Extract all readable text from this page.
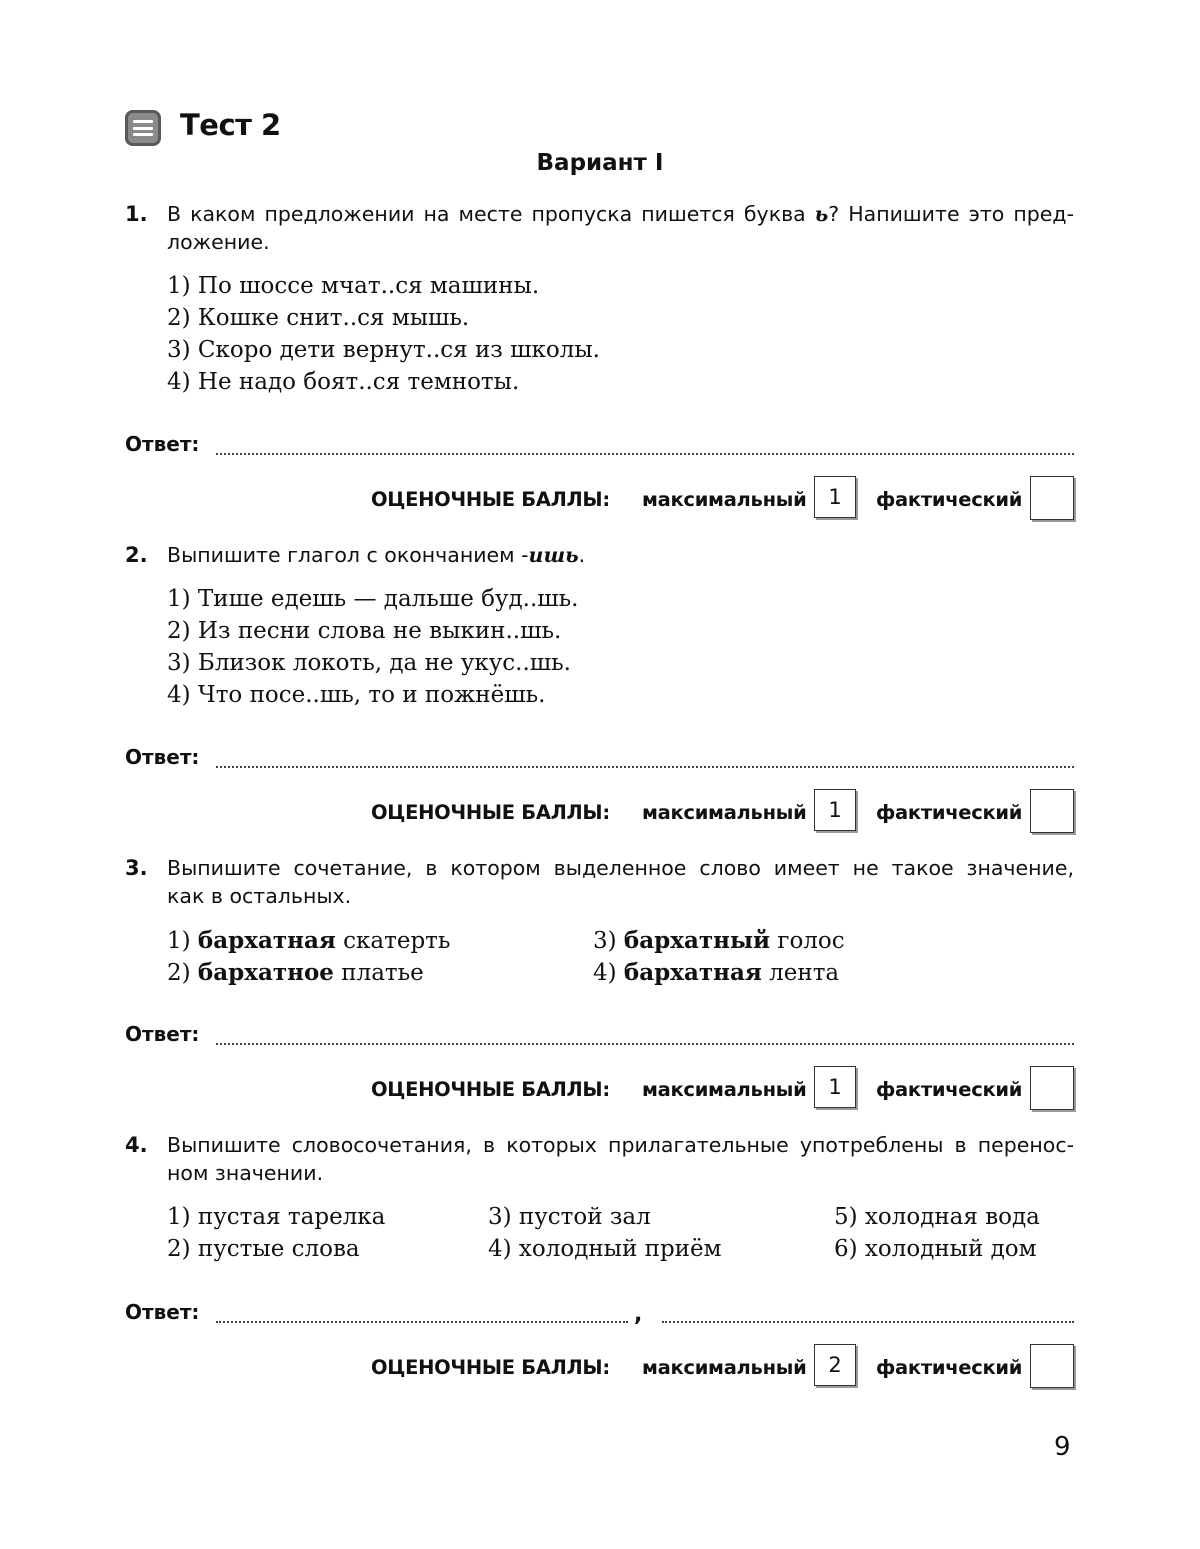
Тест 2
Вариант I
1. В каком предложении на месте пропуска пишется буква ь? Напишите это пред-
ложение.
1) По шоссе мчат..ся машины.
2) Кошке снит..ся мышь.
3) Скоро дети вернут..ся из школы.
4) Не надо боят..ся темноты.
Ответ:
ОЦЕНОЧНЫЕ БАЛЛЫ: максимальный	1	фактический
2. Выпишите глагол с окончанием -ишь.
1) Тише едешь — дальше буд..шь.
2) Из песни слова не выкин..шь.
3) Близок локоть, да не укус..шь.
4) Что посе..шь, то и пожнёшь.
Ответ:
ОЦЕНОЧНЫЕ БАЛЛЫ: максимальный	1	фактический
3. Выпишите сочетание, в котором выделенное слово имеет не такое значение,
как в остальных.
1) бархатная скатерть
2) бархатное платье
3) бархатный голос
4) бархатная лента
Ответ:
ОЦЕНОЧНЫЕ БАЛЛЫ: максимальный	1	фактический
4. Выпишите словосочетания, в которых прилагательные употреблены в перенос-
ном значении.
1) пустая тарелка
2) пустые слова
3) пустой зал
4) холодный приём
5) холодная вода
6) холодный дом
Ответ:	,
ОЦЕНОЧНЫЕ БАЛЛЫ: максимальный	2	фактический
9
